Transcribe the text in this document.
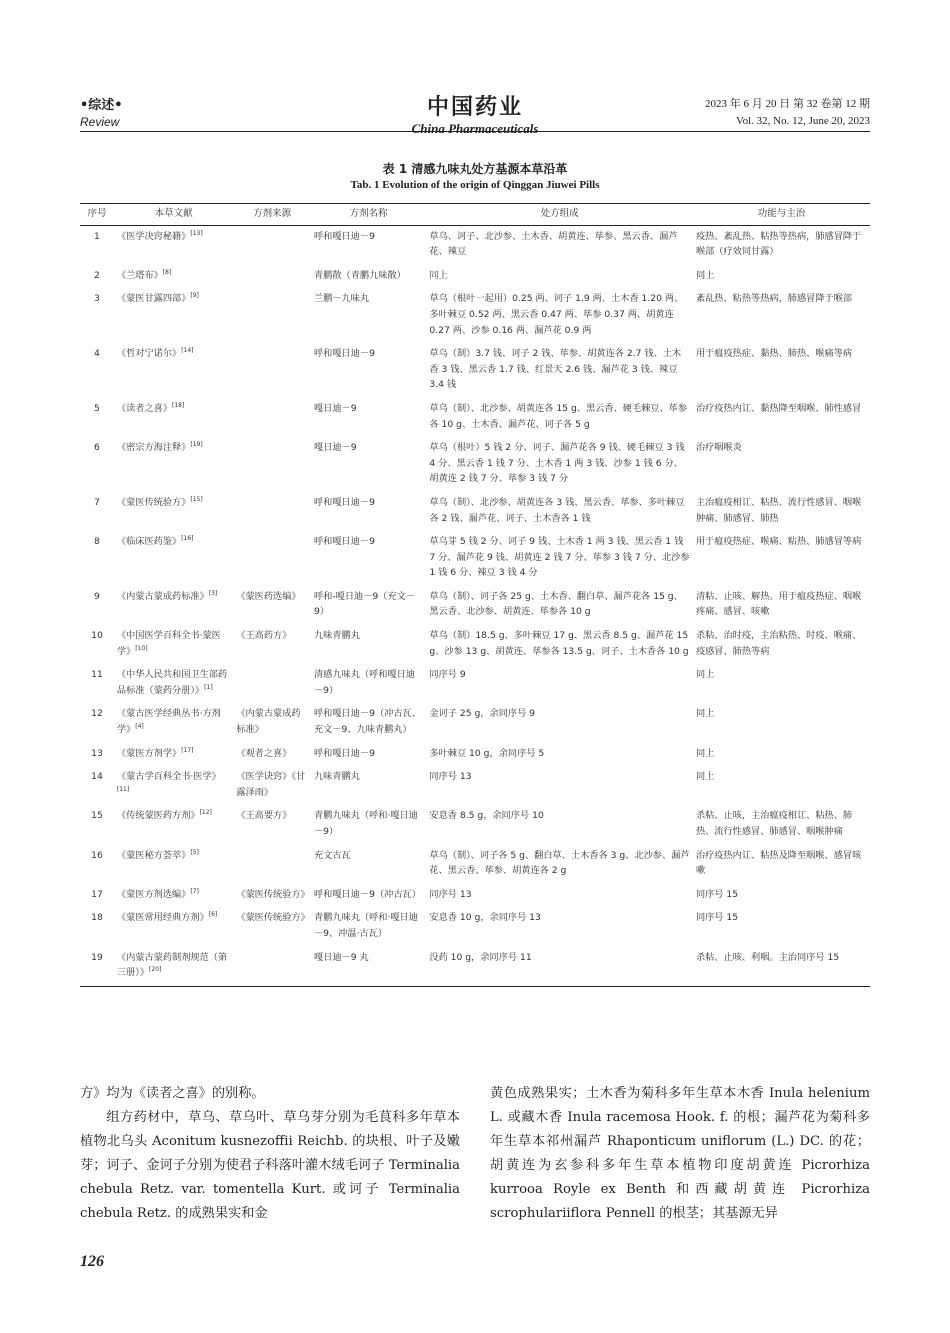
•综述•
Review
中国药业
China Pharmaceuticals
2023 年 6 月 20 日 第 32 卷第 12 期
Vol. 32, No. 12, June 20, 2023
表 1 清感九味丸处方基源本草沿革
Tab. 1 Evolution of the origin of Qinggan Jiuwei Pills
序号	本草文献	方剂来源	方剂名称	处方组成	功能与主治
1	《医学决窍秘籍》[13]		呼和嘎日迪－9	草乌、诃子、北沙参、土木香、胡黄连、荜参、黑云香、漏芦花、辣豆	疫热、紊乱热、粘热等热病，肺感冒降于喉部（疗效同甘露）
2	《兰塔布》[8]		青鹏散（青鹏九味散）	同上	同上
3	《蒙医甘露四部》[9]		兰鹏－九味丸	草乌（根叶一起用）0.25 两、诃子 1.9 两、土木香 1.20 两、多叶棘豆 0.52 两、黑云香 0.47 两、荜参 0.37 两、胡黄连 0.27 两、沙参 0.16 两、漏芦花 0.9 两	紊乱热、粘热等热病，肺感冒降于喉部
4	《哲对宁诺尔》[14]		呼和嘎日迪－9	草乌（制）3.7 钱、诃子 2 钱、荜参、胡黄连各 2.7 钱、土木香 3 钱、黑云香 1.7 钱、红景天 2.6 钱、漏芦花 3 钱、辣豆 3.4 钱	用于瘟疫热症、黏热、肺热、喉痛等病
5	《读者之喜》[18]		嘎日迪－9	草乌（制）、北沙参、胡黄连各 15 g、黑云香、硬毛棘豆、荜参各 10 g、土木香、漏芦花、诃子各 5 g	治疗疫热内讧、黏热降至咽喉、肺性感冒
6	《密宗方海注释》[19]		嘎日迪－9	草乌（根叶）5 钱 2 分、诃子、漏芦花各 9 钱、硬毛棘豆 3 钱 4 分、黑云香 1 钱 7 分、土木香 1 两 3 钱、沙参 1 钱 6 分、胡黄连 2 钱 7 分、荜参 3 钱 7 分	治疗咽喉炎
7	《蒙医传统验方》[15]		呼和嘎日迪－9	草乌（制）、北沙参、胡黄连各 3 钱、黑云香、荜参、多叶棘豆各 2 钱、漏芦花、诃子、土木香各 1 钱	主治瘟疫相讧、粘热、流行性感冒、咽喉肿痛、肺感冒、肺热
8	《临床医药鉴》[16]		呼和嘎日迪－9	草乌芽 5 钱 2 分、诃子 9 钱、土木香 1 两 3 钱、黑云香 1 钱 7 分、漏芦花 9 钱、胡黄连 2 钱 7 分、荜参 3 钱 7 分、北沙参 1 钱 6 分、辣豆 3 钱 4 分	用于瘟疫热症、喉痛、粘热、肺感冒等病
9	《内蒙古蒙成药标准》[3]	《蒙医药选编》	呼和-嘎日迪－9（充文－9）	草乌（制）、诃子各 25 g、土木香、翻白草、漏芦花各 15 g、黑云香、北沙参、胡黄连、荜参各 10 g	清粘、止咳、解热。用于瘟疫热症、咽喉疼痛、感冒、咳嗽
10	《中国医学百科全书·蒙医学》[10]	《王高药方》	九味青鹏丸	草乌（制）18.5 g、多叶棘豆 17 g、黑云香 8.5 g、漏芦花 15 g、沙参 13 g、胡黄连、荜参各 13.5 g、诃子、土木香各 10 g	杀粘、治时疫，主治粘热、时疫、喉痛、疫感冒、肺热等病
11	《中华人民共和国卫生部药品标准（蒙药分册）》[1]		清感九味丸（呼和嘎日迪－9）	同序号 9	同上
12	《蒙古医学经典丛书·方剂学》[4]	《内蒙古蒙成药标准》	呼和嘎日迪－9（冲古瓦、充文－9、九味青鹏丸）	金诃子 25 g，余同序号 9	同上
13	《蒙医方剂学》[17]	《观者之喜》	呼和嘎日迪－9	多叶棘豆 10 g，余同序号 5	同上
14	《蒙古学百科全书·医学》[11]	《医学诀窍》《甘露泽雨》	九味青鹏丸	同序号 13	同上
15	《传统蒙医药方剂》[12]	《王高要方》	青鹏九味丸（呼和·嘎日迪－9）	安息香 8.5 g，余同序号 10	杀粘、止咳，主治瘟疫相讧、粘热、肺热、流行性感冒、肺感冒、咽喉肿痛
16	《蒙医秘方荟萃》[5]		充文古瓦	草乌（制）、诃子各 5 g、翻白草、土木香各 3 g、北沙参、漏芦花、黑云香、荜参、胡黄连各 2 g	治疗疫热内讧、粘热及降至咽喉、感冒咳嗽
17	《蒙医方剂选编》[7]	《蒙医传统验方》	呼和嘎日迪－9（冲古瓦）	同序号 13	同序号 15
18	《蒙医常用经典方剂》[6]	《蒙医传统验方》	青鹏九味丸（呼和·嘎日迪－9、冲温·古瓦）	安息香 10 g，余同序号 13	同序号 15
19	《内蒙古蒙药制剂规范（第三册）》[20]		嘎日迪－9 丸	没药 10 g，余同序号 11	杀粘、止咳、利咽。主治同序号 15

方》均为《读者之喜》的别称。

组方药材中，草乌、草乌叶、草乌芽分别为毛茛科多年草本植物北乌头 Aconitum kusnezoffii Reichb. 的块根、叶子及嫩芽；诃子、金诃子分别为使君子科落叶灌木绒毛诃子 Terminalia chebula Retz. var. tomentella Kurt. 或诃子 Terminalia chebula Retz. 的成熟果实和金

黄色成熟果实；土木香为菊科多年生草本木香 Inula helenium L. 或藏木香 Inula racemosa Hook. f. 的根；漏芦花为菊科多年生草本祁州漏芦 Rhaponticum uniflorum (L.) DC. 的花；胡黄连为玄参科多年生草本植物印度胡黄连 Picrorhiza kurrooa Royle ex Benth 和西藏胡黄连 Picrorhiza scrophulariiflora Pennell 的根茎；其基源无异

126
